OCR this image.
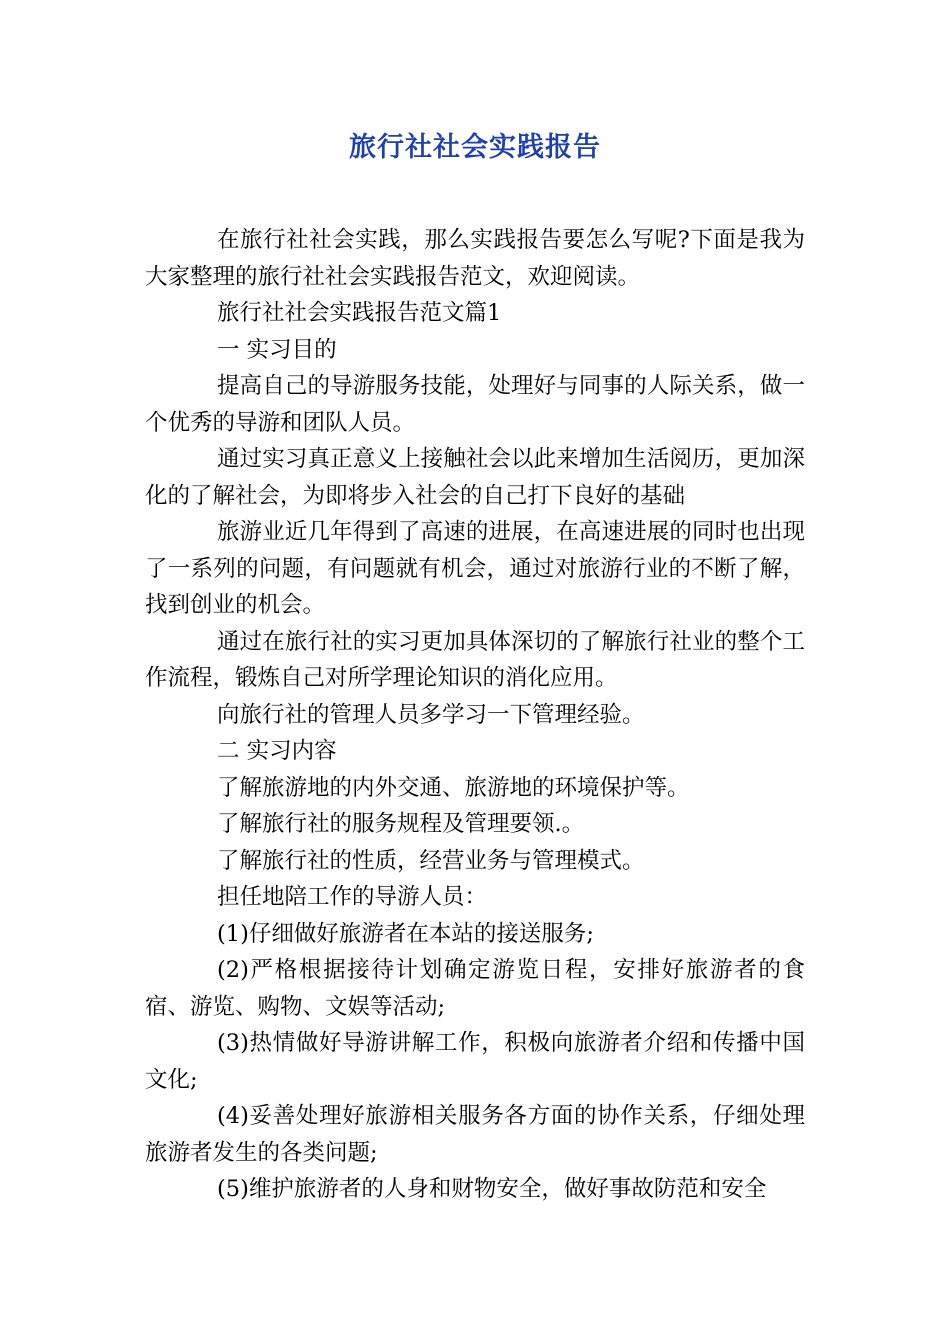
旅行社社会实践报告

在旅行社社会实践，那么实践报告要怎么写呢?下面是我为大家整理的旅行社社会实践报告范文，欢迎阅读。

旅行社社会实践报告范文篇1

一 实习目的

提高自己的导游服务技能，处理好与同事的人际关系，做一个优秀的导游和团队人员。

通过实习真正意义上接触社会以此来增加生活阅历，更加深化的了解社会，为即将步入社会的自己打下良好的基础

旅游业近几年得到了高速的进展，在高速进展的同时也出现了一系列的问题，有问题就有机会，通过对旅游行业的不断了解，找到创业的机会。

通过在旅行社的实习更加具体深切的了解旅行社业的整个工作流程，锻炼自己对所学理论知识的消化应用。

向旅行社的管理人员多学习一下管理经验。

二 实习内容

了解旅游地的内外交通、旅游地的环境保护等。

了解旅行社的服务规程及管理要领.。

了解旅行社的性质，经营业务与管理模式。

担任地陪工作的导游人员：

(1)仔细做好旅游者在本站的接送服务;

(2)严格根据接待计划确定游览日程，安排好旅游者的食宿、游览、购物、文娱等活动;

(3)热情做好导游讲解工作，积极向旅游者介绍和传播中国文化;

(4)妥善处理好旅游相关服务各方面的协作关系，仔细处理旅游者发生的各类问题;

(5)维护旅游者的人身和财物安全，做好事故防范和安全
